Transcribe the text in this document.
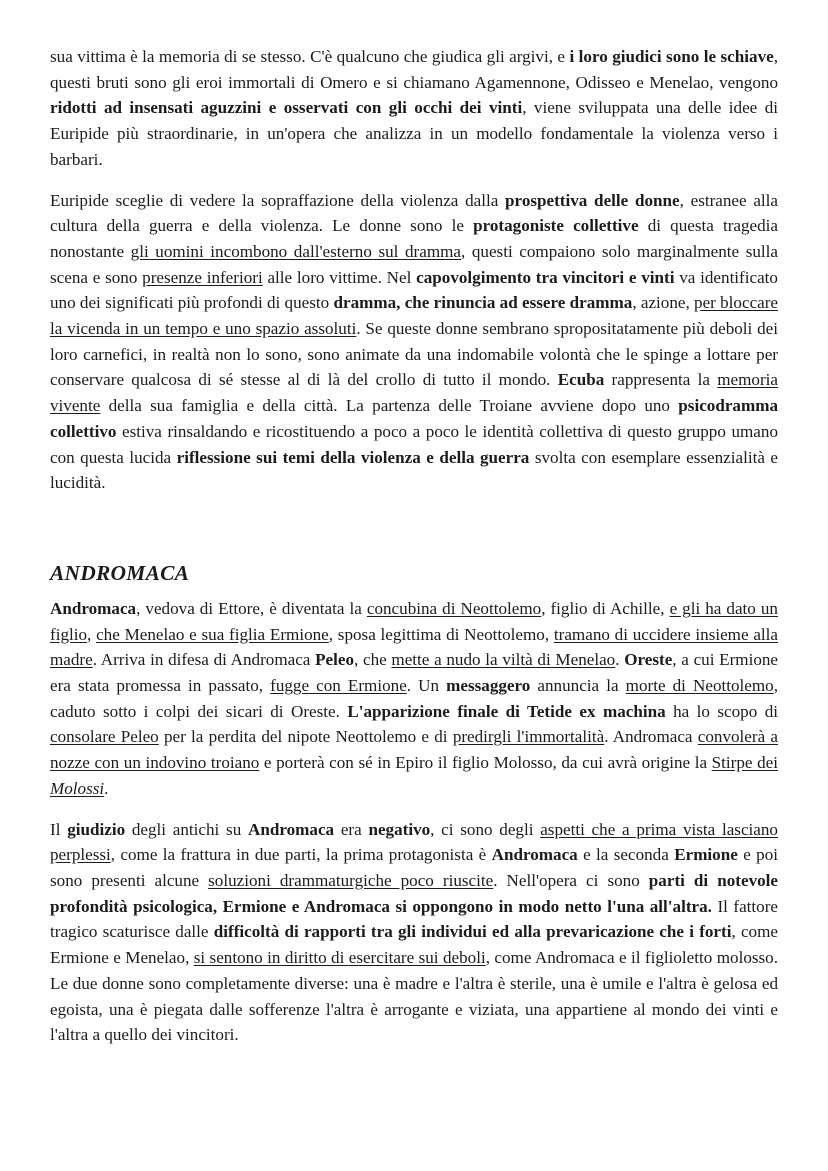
sua vittima è la memoria di se stesso. C'è qualcuno che giudica gli argivi, e i loro giudici sono le schiave, questi bruti sono gli eroi immortali di Omero e si chiamano Agamennone, Odisseo e Menelao, vengono ridotti ad insensati aguzzini e osservati con gli occhi dei vinti, viene sviluppata una delle idee di Euripide più straordinarie, in un'opera che analizza in un modello fondamentale la violenza verso i barbari.

Euripide sceglie di vedere la sopraffazione della violenza dalla prospettiva delle donne, estranee alla cultura della guerra e della violenza. Le donne sono le protagoniste collettive di questa tragedia nonostante gli uomini incombono dall'esterno sul dramma, questi compaiono solo marginalmente sulla scena e sono presenze inferiori alle loro vittime. Nel capovolgimento tra vincitori e vinti va identificato uno dei significati più profondi di questo dramma, che rinuncia ad essere dramma, azione, per bloccare la vicenda in un tempo e uno spazio assoluti. Se queste donne sembrano spropositatamente più deboli dei loro carnefici, in realtà non lo sono, sono animate da una indomabile volontà che le spinge a lottare per conservare qualcosa di sé stesse al di là del crollo di tutto il mondo. Ecuba rappresenta la memoria vivente della sua famiglia e della città. La partenza delle Troiane avviene dopo uno psicodramma collettivo estiva rinsaldando e ricostituendo a poco a poco le identità collettiva di questo gruppo umano con questa lucida riflessione sui temi della violenza e della guerra svolta con esemplare essenzialità e lucidità.

ANDROMACA

Andromaca, vedova di Ettore, è diventata la concubina di Neottolemo, figlio di Achille, e gli ha dato un figlio, che Menelao e sua figlia Ermione, sposa legittima di Neottolemo, tramano di uccidere insieme alla madre. Arriva in difesa di Andromaca Peleo, che mette a nudo la viltà di Menelao. Oreste, a cui Ermione era stata promessa in passato, fugge con Ermione. Un messaggero annuncia la morte di Neottolemo, caduto sotto i colpi dei sicari di Oreste. L'apparizione finale di Tetide ex machina ha lo scopo di consolare Peleo per la perdita del nipote Neottolemo e di predirgli l'immortalità. Andromaca convolerà a nozze con un indovino troiano e porterà con sé in Epiro il figlio Molosso, da cui avrà origine la Stirpe dei Molossi.

Il giudizio degli antichi su Andromaca era negativo, ci sono degli aspetti che a prima vista lasciano perplessi, come la frattura in due parti, la prima protagonista è Andromaca e la seconda Ermione e poi sono presenti alcune soluzioni drammaturgiche poco riuscite. Nell'opera ci sono parti di notevole profondità psicologica, Ermione e Andromaca si oppongono in modo netto l'una all'altra. Il fattore tragico scaturisce dalle difficoltà di rapporti tra gli individui ed alla prevaricazione che i forti, come Ermione e Menelao, si sentono in diritto di esercitare sui deboli, come Andromaca e il figlioletto molosso. Le due donne sono completamente diverse: una è madre e l'altra è sterile, una è umile e l'altra è gelosa ed egoista, una è piegata dalle sofferenze l'altra è arrogante e viziata, una appartiene al mondo dei vinti e l'altra a quello dei vincitori.
